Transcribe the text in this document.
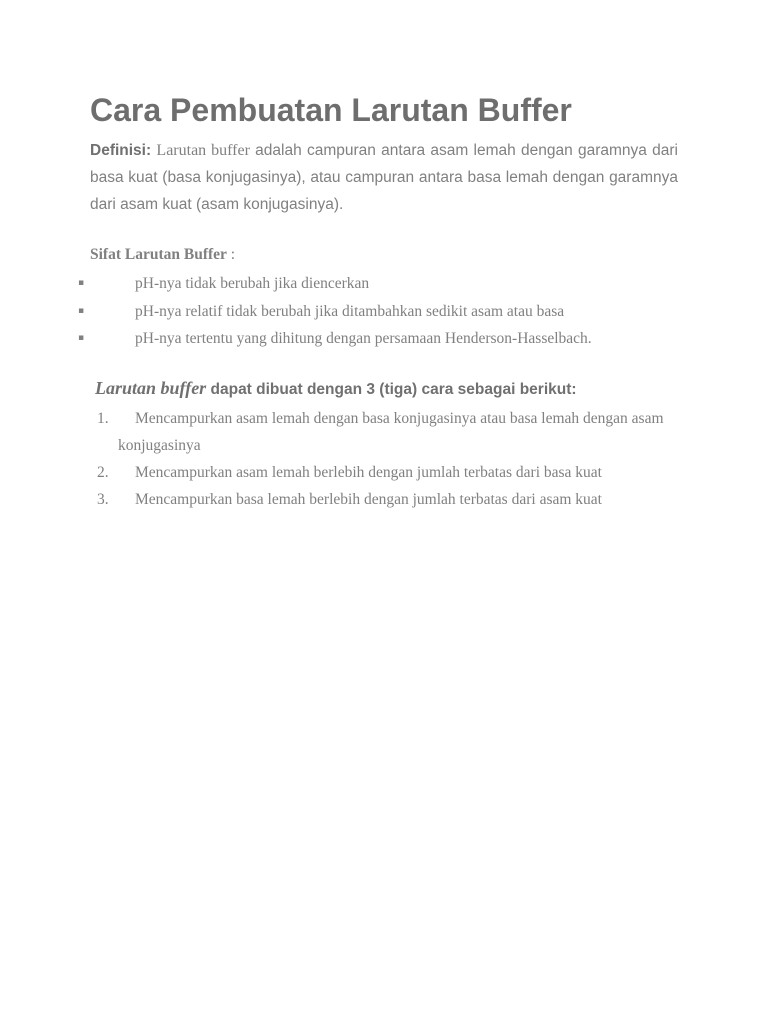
Cara Pembuatan Larutan Buffer

Definisi: Larutan buffer adalah campuran antara asam lemah dengan garamnya dari basa kuat (basa konjugasinya), atau campuran antara basa lemah dengan garamnya dari asam kuat (asam konjugasinya).

Sifat Larutan Buffer :

▪	pH-nya tidak berubah jika diencerkan
▪	pH-nya relatif tidak berubah jika ditambahkan sedikit asam atau basa
▪	pH-nya tertentu yang dihitung dengan persamaan Henderson-Hasselbach.

Larutan buffer dapat dibuat dengan 3 (tiga) cara sebagai berikut:

1.	Mencampurkan asam lemah dengan basa konjugasinya atau basa lemah dengan asam konjugasinya
2.	Mencampurkan asam lemah berlebih dengan jumlah terbatas dari basa kuat
3.	Mencampurkan basa lemah berlebih dengan jumlah terbatas dari asam kuat
